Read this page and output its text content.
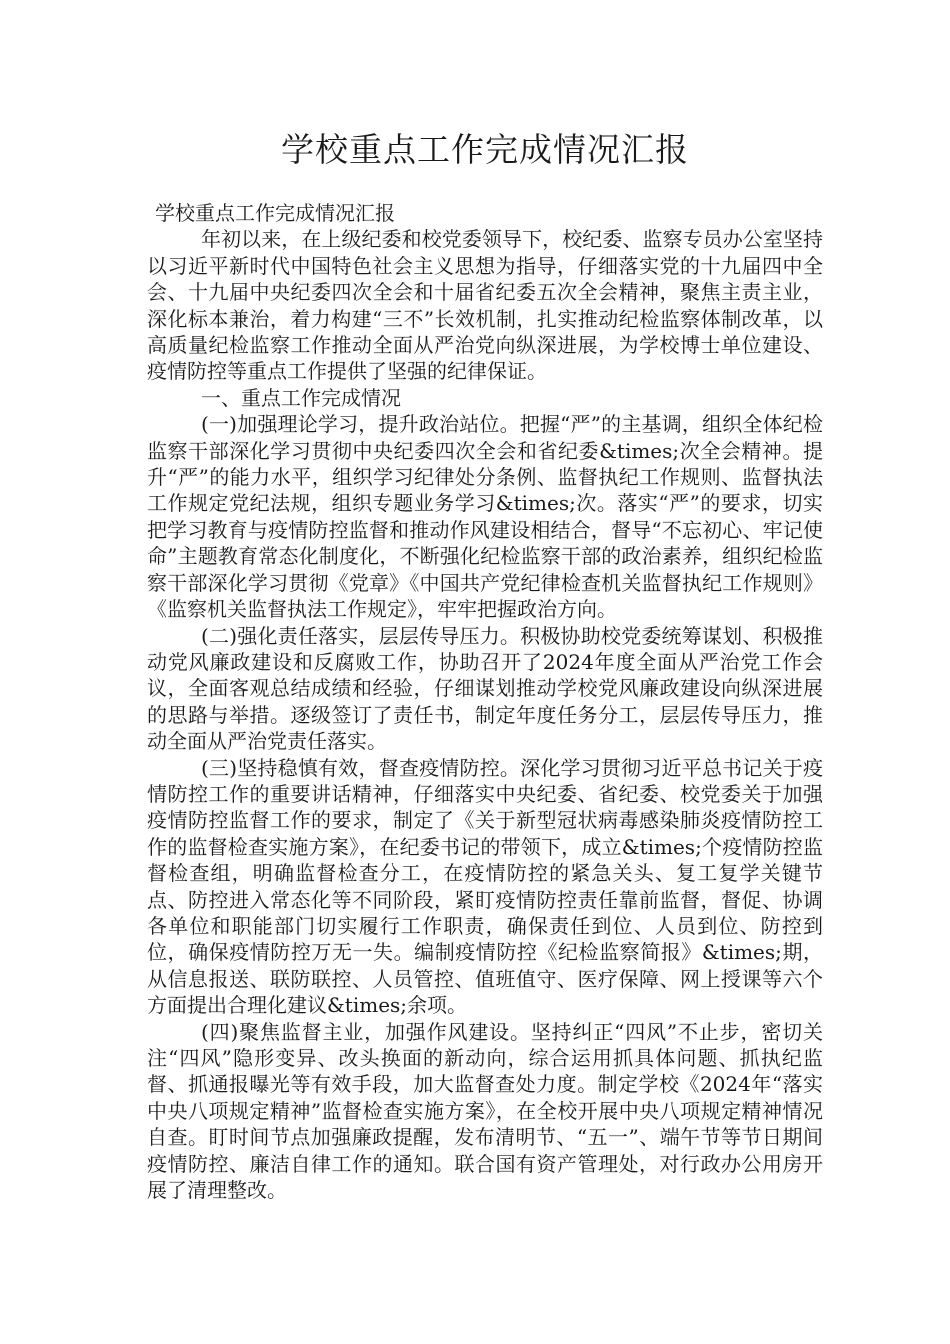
学校重点工作完成情况汇报

学校重点工作完成情况汇报

年初以来，在上级纪委和校党委领导下，校纪委、监察专员办公室坚持以习近平新时代中国特色社会主义思想为指导，仔细落实党的十九届四中全会、十九届中央纪委四次全会和十届省纪委五次全会精神，聚焦主责主业，深化标本兼治，着力构建“三不”长效机制，扎实推动纪检监察体制改革，以高质量纪检监察工作推动全面从严治党向纵深进展，为学校博士单位建设、疫情防控等重点工作提供了坚强的纪律保证。

一、重点工作完成情况

(一)加强理论学习，提升政治站位。把握“严”的主基调，组织全体纪检监察干部深化学习贯彻中央纪委四次全会和省纪委&times;次全会精神。提升“严”的能力水平，组织学习纪律处分条例、监督执纪工作规则、监督执法工作规定党纪法规，组织专题业务学习&times;次。落实“严”的要求，切实把学习教育与疫情防控监督和推动作风建设相结合，督导“不忘初心、牢记使命”主题教育常态化制度化，不断强化纪检监察干部的政治素养，组织纪检监察干部深化学习贯彻《党章》《中国共产党纪律检查机关监督执纪工作规则》《监察机关监督执法工作规定》，牢牢把握政治方向。

(二)强化责任落实，层层传导压力。积极协助校党委统筹谋划、积极推动党风廉政建设和反腐败工作，协助召开了2024年度全面从严治党工作会议，全面客观总结成绩和经验，仔细谋划推动学校党风廉政建设向纵深进展的思路与举措。逐级签订了责任书，制定年度任务分工，层层传导压力，推动全面从严治党责任落实。

(三)坚持稳慎有效，督查疫情防控。深化学习贯彻习近平总书记关于疫情防控工作的重要讲话精神，仔细落实中央纪委、省纪委、校党委关于加强疫情防控监督工作的要求，制定了《关于新型冠状病毒感染肺炎疫情防控工作的监督检查实施方案》，在纪委书记的带领下，成立&times;个疫情防控监督检查组，明确监督检查分工，在疫情防控的紧急关头、复工复学关键节点、防控进入常态化等不同阶段，紧盯疫情防控责任靠前监督，督促、协调各单位和职能部门切实履行工作职责，确保责任到位、人员到位、防控到位，确保疫情防控万无一失。编制疫情防控《纪检监察简报》&times;期，从信息报送、联防联控、人员管控、值班值守、医疗保障、网上授课等六个方面提出合理化建议&times;余项。

(四)聚焦监督主业，加强作风建设。坚持纠正“四风”不止步，密切关注“四风”隐形变异、改头换面的新动向，综合运用抓具体问题、抓执纪监督、抓通报曝光等有效手段，加大监督查处力度。制定学校《2024年“落实中央八项规定精神”监督检查实施方案》，在全校开展中央八项规定精神情况自查。盯时间节点加强廉政提醒，发布清明节、“五一”、端午节等节日期间疫情防控、廉洁自律工作的通知。联合国有资产管理处，对行政办公用房开展了清理整改。
